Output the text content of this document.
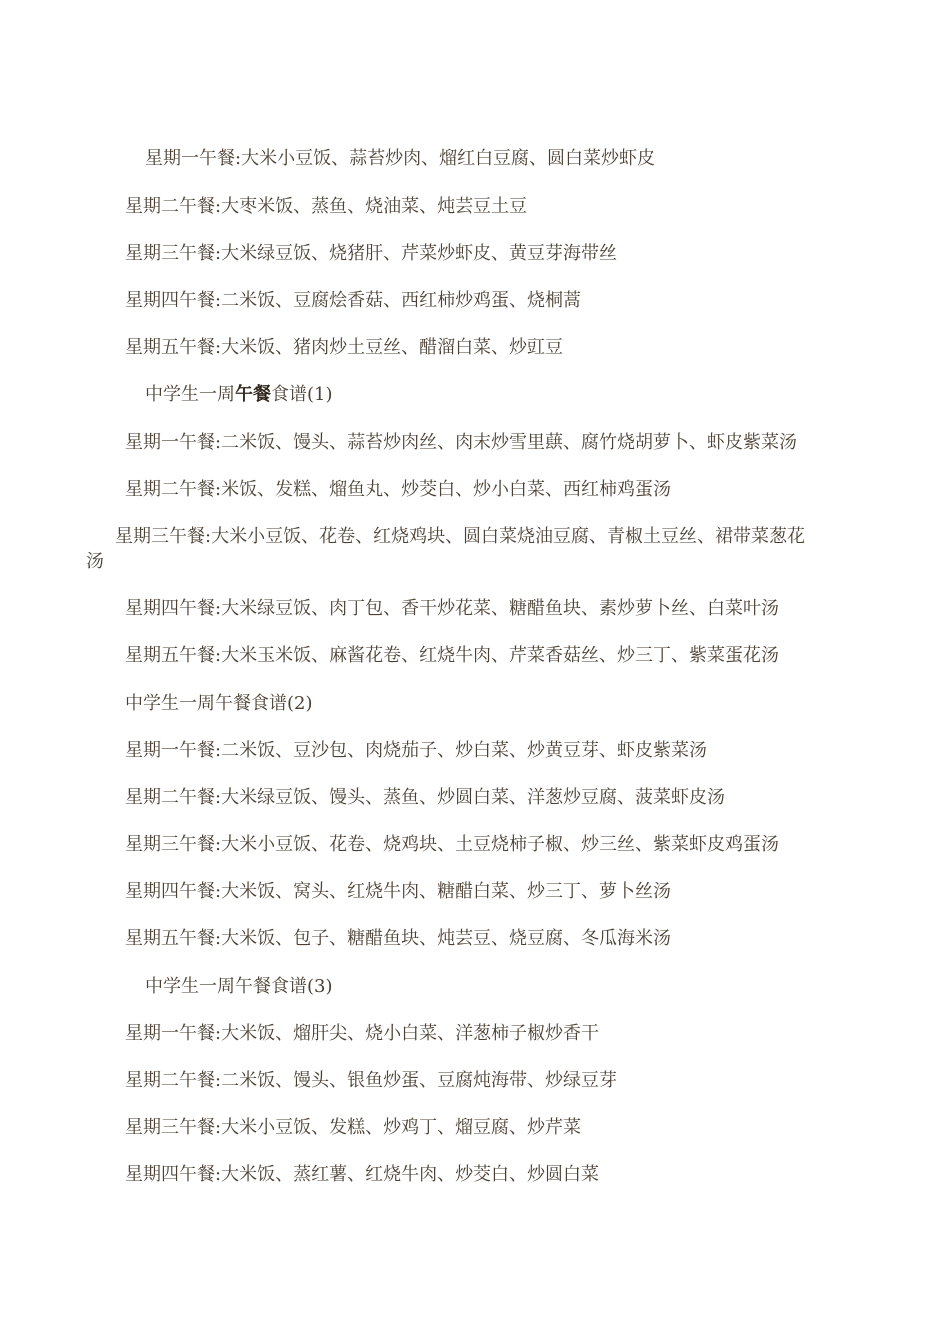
星期一午餐:大米小豆饭、蒜苔炒肉、熘红白豆腐、圆白菜炒虾皮
星期二午餐:大枣米饭、蒸鱼、烧油菜、炖芸豆土豆
星期三午餐:大米绿豆饭、烧猪肝、芹菜炒虾皮、黄豆芽海带丝
星期四午餐:二米饭、豆腐烩香菇、西红柿炒鸡蛋、烧桐蒿
星期五午餐:大米饭、猪肉炒土豆丝、醋溜白菜、炒豇豆
中学生一周午餐食谱(1)
星期一午餐:二米饭、馒头、蒜苔炒肉丝、肉末炒雪里蕻、腐竹烧胡萝卜、虾皮紫菜汤
星期二午餐:米饭、发糕、熘鱼丸、炒茭白、炒小白菜、西红柿鸡蛋汤
星期三午餐:大米小豆饭、花卷、红烧鸡块、圆白菜烧油豆腐、青椒土豆丝、裙带菜葱花
汤
星期四午餐:大米绿豆饭、肉丁包、香干炒花菜、糖醋鱼块、素炒萝卜丝、白菜叶汤
星期五午餐:大米玉米饭、麻酱花卷、红烧牛肉、芹菜香菇丝、炒三丁、紫菜蛋花汤
中学生一周午餐食谱(2)
星期一午餐:二米饭、豆沙包、肉烧茄子、炒白菜、炒黄豆芽、虾皮紫菜汤
星期二午餐:大米绿豆饭、馒头、蒸鱼、炒圆白菜、洋葱炒豆腐、菠菜虾皮汤
星期三午餐:大米小豆饭、花卷、烧鸡块、土豆烧柿子椒、炒三丝、紫菜虾皮鸡蛋汤
星期四午餐:大米饭、窝头、红烧牛肉、糖醋白菜、炒三丁、萝卜丝汤
星期五午餐:大米饭、包子、糖醋鱼块、炖芸豆、烧豆腐、冬瓜海米汤
中学生一周午餐食谱(3)
星期一午餐:大米饭、熘肝尖、烧小白菜、洋葱柿子椒炒香干
星期二午餐:二米饭、馒头、银鱼炒蛋、豆腐炖海带、炒绿豆芽
星期三午餐:大米小豆饭、发糕、炒鸡丁、熘豆腐、炒芹菜
星期四午餐:大米饭、蒸红薯、红烧牛肉、炒茭白、炒圆白菜
